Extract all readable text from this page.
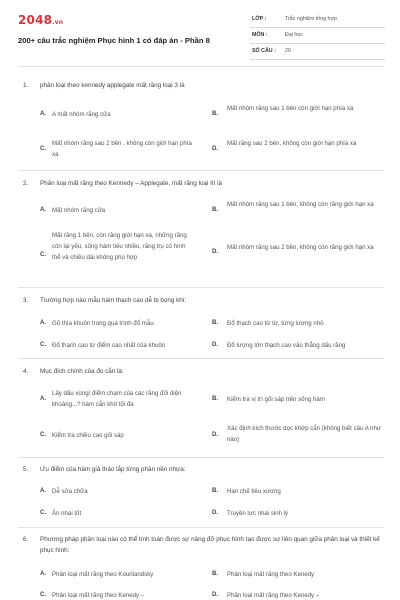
2048.vn
200+ câu trắc nghiệm Phục hình 1 có đáp án - Phần 8
LỚP :	Trắc nghiệm tổng hợp
MÔN :	Đại học
SỐ CÂU : 20
1. phân loại theo kennedy applegate mất răng loại 3 là
A. A mất nhóm răng cửa	B.
Mất nhóm răng sau 1 bên còn giới hạn phía xa
C.
Mất nhóm răng sau 2 bên , không còn giới hạn phía xa
D.
Mất răng sau 2 bên, không còn giới hạn phía xa
2. Phân loại mất răng theo Kennedy – Applegate, mất răng loại III là
A. Mất nhóm răng cửa	B.
Mất nhóm răng sau 1 bên, không còn răng giới hạn xa
C.
Mất răng 1 bên, còn răng giới hạn xa, những răng còn lại yếu, sống hàm tiêu nhiều, răng trụ có hình thể và chiều dài không phù hợp
D.
Mất nhóm răng sau 2 bên, không còn răng giới hạn xa
3. Trường hợp nào mẫu hàm thạch cao dễ bị bọng khí:
A. Gõ thìa khuôn trong quá trình đổ mẫu	B. Đổ thạch cao từ từ, từng lượng nhỏ
C. Đổ thạch cao từ điểm cao nhất của khuôn	D. Đổ lượng lớn thạch cao vào thẳng dấu răng
4. Mục đích chính của đo cắn là:
A.
Lấy dấu vùng/ điểm chạm của các răng đối diện khoảng...? hàm cắn khít tối đa
B. Kiểm tra vị trí gối sáp trên sống hàm
C. Kiểm tra chiều cao gối sáp	D.
Xác định kích thước dọc khớp cắn (không biết câu A như nào)
5. Ưu điểm của hàm giả tháo lắp từng phần nền nhựa:
A. Dễ sửa chữa	B. Hạn chế tiêu xương
C. Ăn nhai tốt	D. Truyền lực nhai sinh lý
6. Phương pháp phân loại nào có thể tính toán được sự nâng đỡ phục hình tạo được sự liên quan giữa phân loại và thiết kế phục hình:
A. Phân loại mất răng theo Kourliandsky	B. Phân loại mất răng theo Kenedy
C. Phân loại mất răng theo Kenedy –	D. Phân loại mất răng theo Kenedy –
